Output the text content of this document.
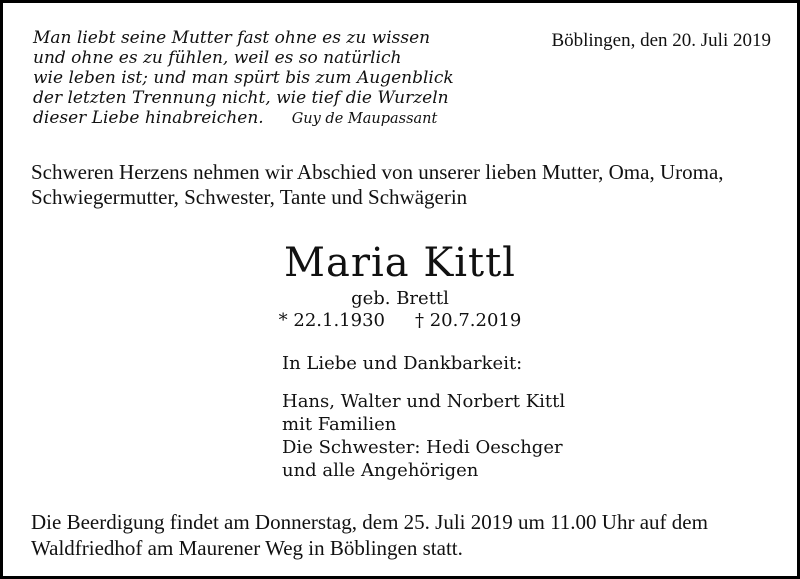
Man liebt seine Mutter fast ohne es zu wissen
und ohne es zu fühlen, weil es so natürlich
wie leben ist; und man spürt bis zum Augenblick
der letzten Trennung nicht, wie tief die Wurzeln
dieser Liebe hinabreichen. Guy de Maupassant
Böblingen, den 20. Juli 2019
Schweren Herzens nehmen wir Abschied von unserer lieben Mutter, Oma, Uroma,
Schwiegermutter, Schwester, Tante und Schwägerin
Maria Kittl
geb. Brettl
* 22.1.1930 † 20.7.2019
In Liebe und Dankbarkeit:
Hans, Walter und Norbert Kittl
mit Familien
Die Schwester: Hedi Oeschger
und alle Angehörigen
Die Beerdigung findet am Donnerstag, dem 25. Juli 2019 um 11.00 Uhr auf dem
Waldfriedhof am Maurener Weg in Böblingen statt.
